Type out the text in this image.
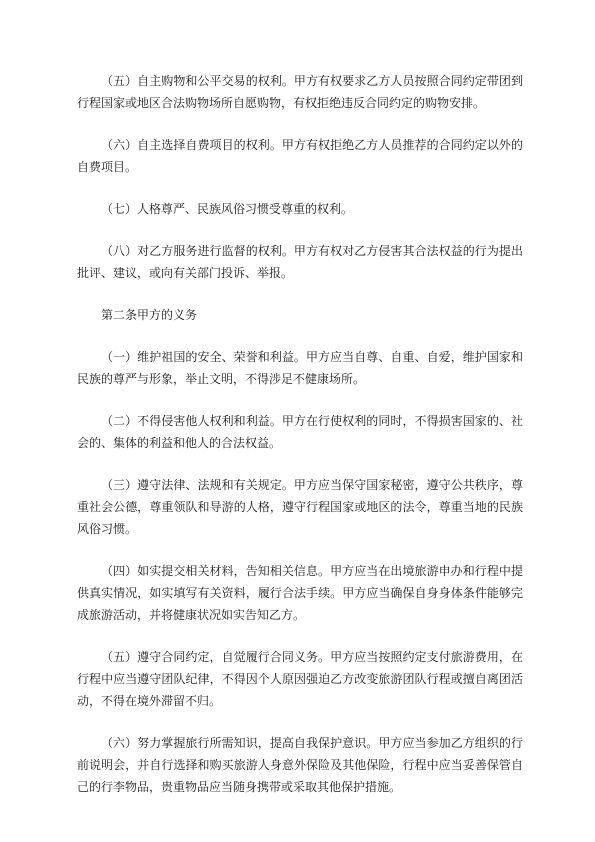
（五）自主购物和公平交易的权利。甲方有权要求乙方人员按照合同约定带团到行程国家或地区合法购物场所自愿购物，有权拒绝违反合同约定的购物安排。

（六）自主选择自费项目的权利。甲方有权拒绝乙方人员推荐的合同约定以外的自费项目。

（七）人格尊严、民族风俗习惯受尊重的权利。

（八）对乙方服务进行监督的权利。甲方有权对乙方侵害其合法权益的行为提出批评、建议，或向有关部门投诉、举报。

第二条甲方的义务

（一）维护祖国的安全、荣誉和利益。甲方应当自尊、自重、自爱，维护国家和民族的尊严与形象，举止文明，不得涉足不健康场所。

（二）不得侵害他人权利和利益。甲方在行使权利的同时，不得损害国家的、社会的、集体的利益和他人的合法权益。

（三）遵守法律、法规和有关规定。甲方应当保守国家秘密，遵守公共秩序，尊重社会公德，尊重领队和导游的人格，遵守行程国家或地区的法令，尊重当地的民族风俗习惯。

（四）如实提交相关材料，告知相关信息。甲方应当在出境旅游申办和行程中提供真实情况，如实填写有关资料，履行合法手续。甲方应当确保自身身体条件能够完成旅游活动，并将健康状况如实告知乙方。

（五）遵守合同约定，自觉履行合同义务。甲方应当按照约定支付旅游费用，在行程中应当遵守团队纪律，不得因个人原因强迫乙方改变旅游团队行程或擅自离团活动，不得在境外滞留不归。

（六）努力掌握旅行所需知识，提高自我保护意识。甲方应当参加乙方组织的行前说明会，并自行选择和购买旅游人身意外保险及其他保险，行程中应当妥善保管自己的行李物品，贵重物品应当随身携带或采取其他保护措施。
